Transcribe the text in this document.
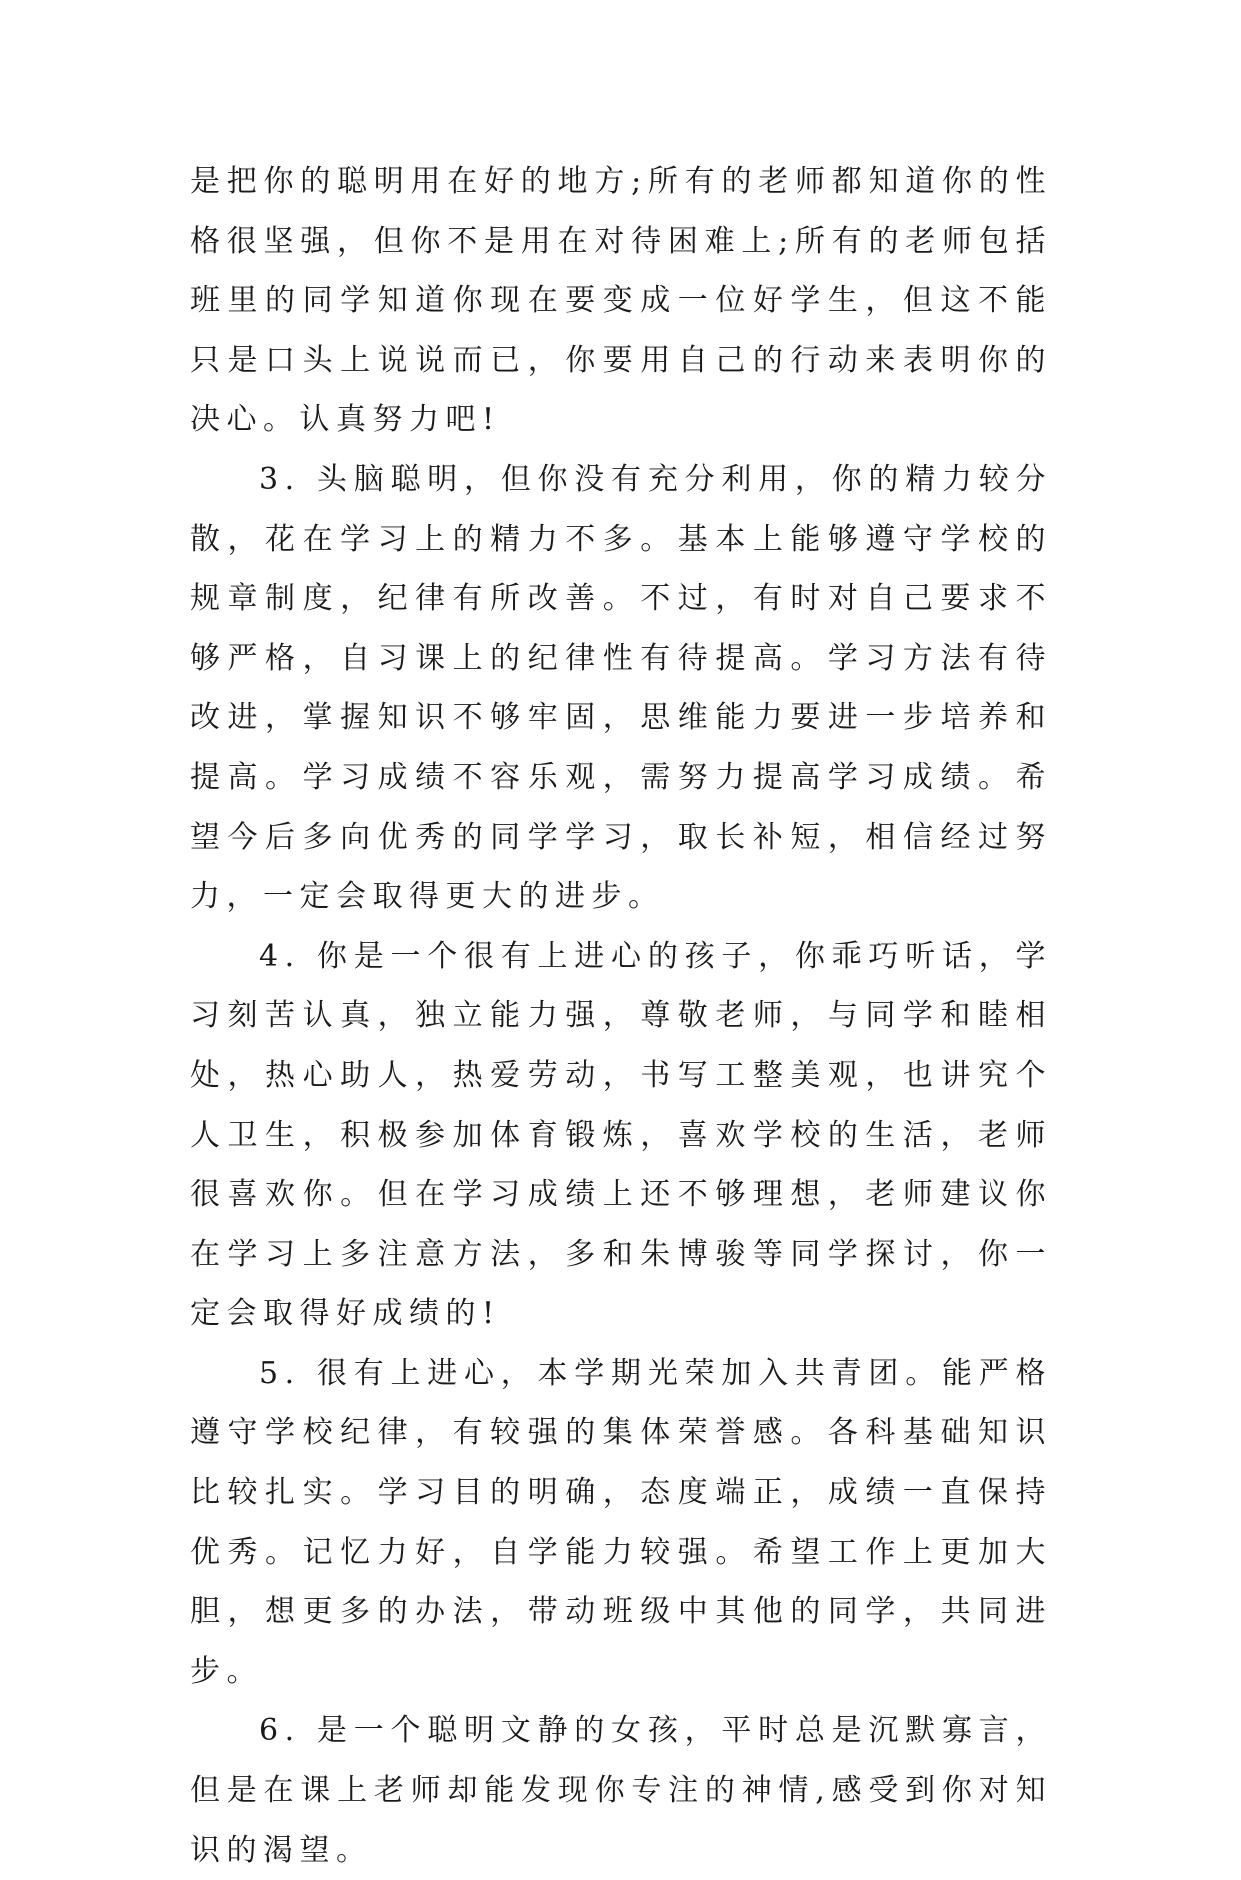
是把你的聪明用在好的地方;所有的老师都知道你的性格很坚强，但你不是用在对待困难上;所有的老师包括班里的同学知道你现在要变成一位好学生，但这不能只是口头上说说而已，你要用自己的行动来表明你的决心。认真努力吧!

3. 头脑聪明，但你没有充分利用，你的精力较分散，花在学习上的精力不多。基本上能够遵守学校的规章制度，纪律有所改善。不过，有时对自己要求不够严格，自习课上的纪律性有待提高。学习方法有待改进，掌握知识不够牢固，思维能力要进一步培养和提高。学习成绩不容乐观，需努力提高学习成绩。希望今后多向优秀的同学学习，取长补短，相信经过努力，一定会取得更大的进步。

4. 你是一个很有上进心的孩子，你乖巧听话，学习刻苦认真，独立能力强，尊敬老师，与同学和睦相处，热心助人，热爱劳动，书写工整美观，也讲究个人卫生，积极参加体育锻炼，喜欢学校的生活，老师很喜欢你。但在学习成绩上还不够理想，老师建议你在学习上多注意方法，多和朱博骏等同学探讨，你一定会取得好成绩的!

5. 很有上进心，本学期光荣加入共青团。能严格遵守学校纪律，有较强的集体荣誉感。各科基础知识比较扎实。学习目的明确，态度端正，成绩一直保持优秀。记忆力好，自学能力较强。希望工作上更加大胆，想更多的办法，带动班级中其他的同学，共同进步。

6. 是一个聪明文静的女孩，平时总是沉默寡言，但是在课上老师却能发现你专注的神情,感受到你对知识的渴望。
